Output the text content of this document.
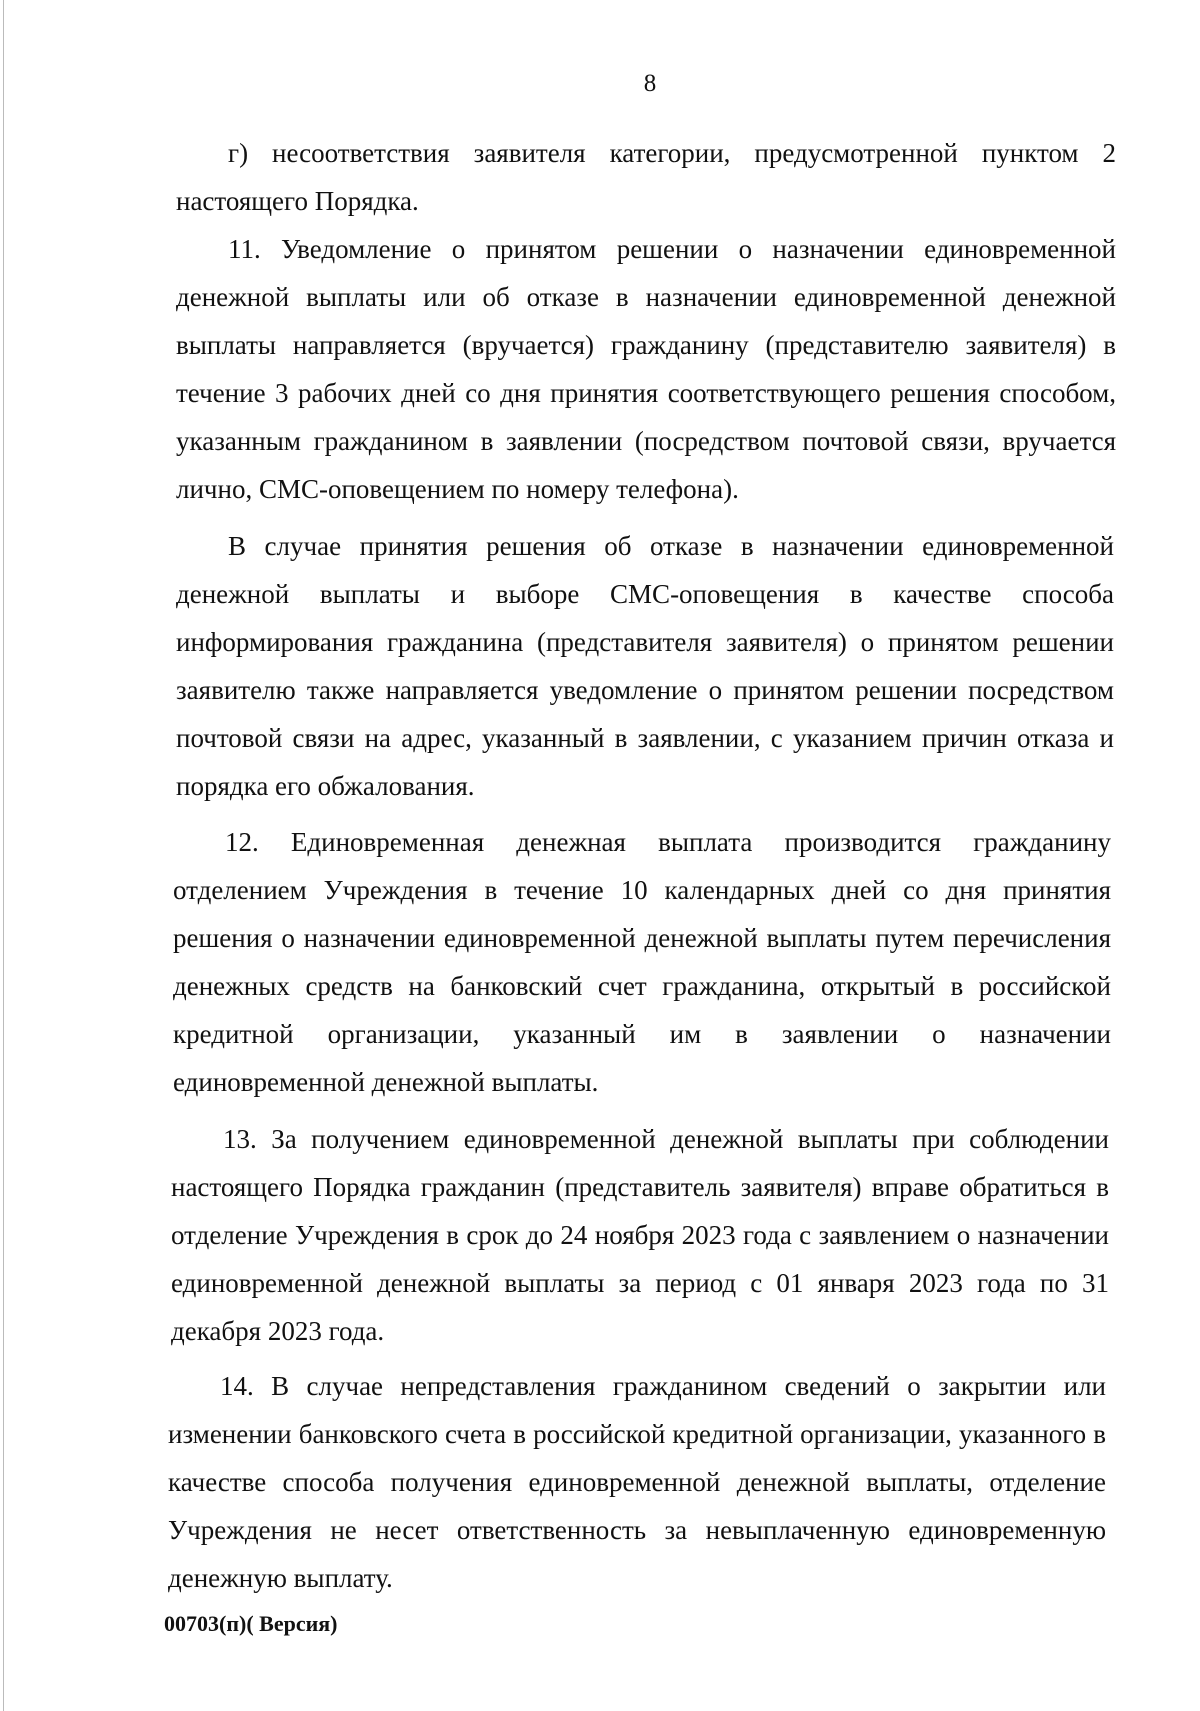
8

г) несоответствия заявителя категории, предусмотренной пунктом 2 настоящего Порядка.

11. Уведомление о принятом решении о назначении единовременной денежной выплаты или об отказе в назначении единовременной денежной выплаты направляется (вручается) гражданину (представителю заявителя) в течение 3 рабочих дней со дня принятия соответствующего решения способом, указанным гражданином в заявлении (посредством почтовой связи, вручается лично, СМС-оповещением по номеру телефона).

В случае принятия решения об отказе в назначении единовременной денежной выплаты и выборе СМС-оповещения в качестве способа информирования гражданина (представителя заявителя) о принятом решении заявителю также направляется уведомление о принятом решении посредством почтовой связи на адрес, указанный в заявлении, с указанием причин отказа и порядка его обжалования.

12. Единовременная денежная выплата производится гражданину отделением Учреждения в течение 10 календарных дней со дня принятия решения о назначении единовременной денежной выплаты путем перечисления денежных средств на банковский счет гражданина, открытый в российской кредитной организации, указанный им в заявлении о назначении единовременной денежной выплаты.

13. За получением единовременной денежной выплаты при соблюдении настоящего Порядка гражданин (представитель заявителя) вправе обратиться в отделение Учреждения в срок до 24 ноября 2023 года с заявлением о назначении единовременной денежной выплаты за период с 01 января 2023 года по 31 декабря 2023 года.

14. В случае непредставления гражданином сведений о закрытии или изменении банковского счета в российской кредитной организации, указанного в качестве способа получения единовременной денежной выплаты, отделение Учреждения не несет ответственность за невыплаченную единовременную денежную выплату.

00703(п)( Версия)
